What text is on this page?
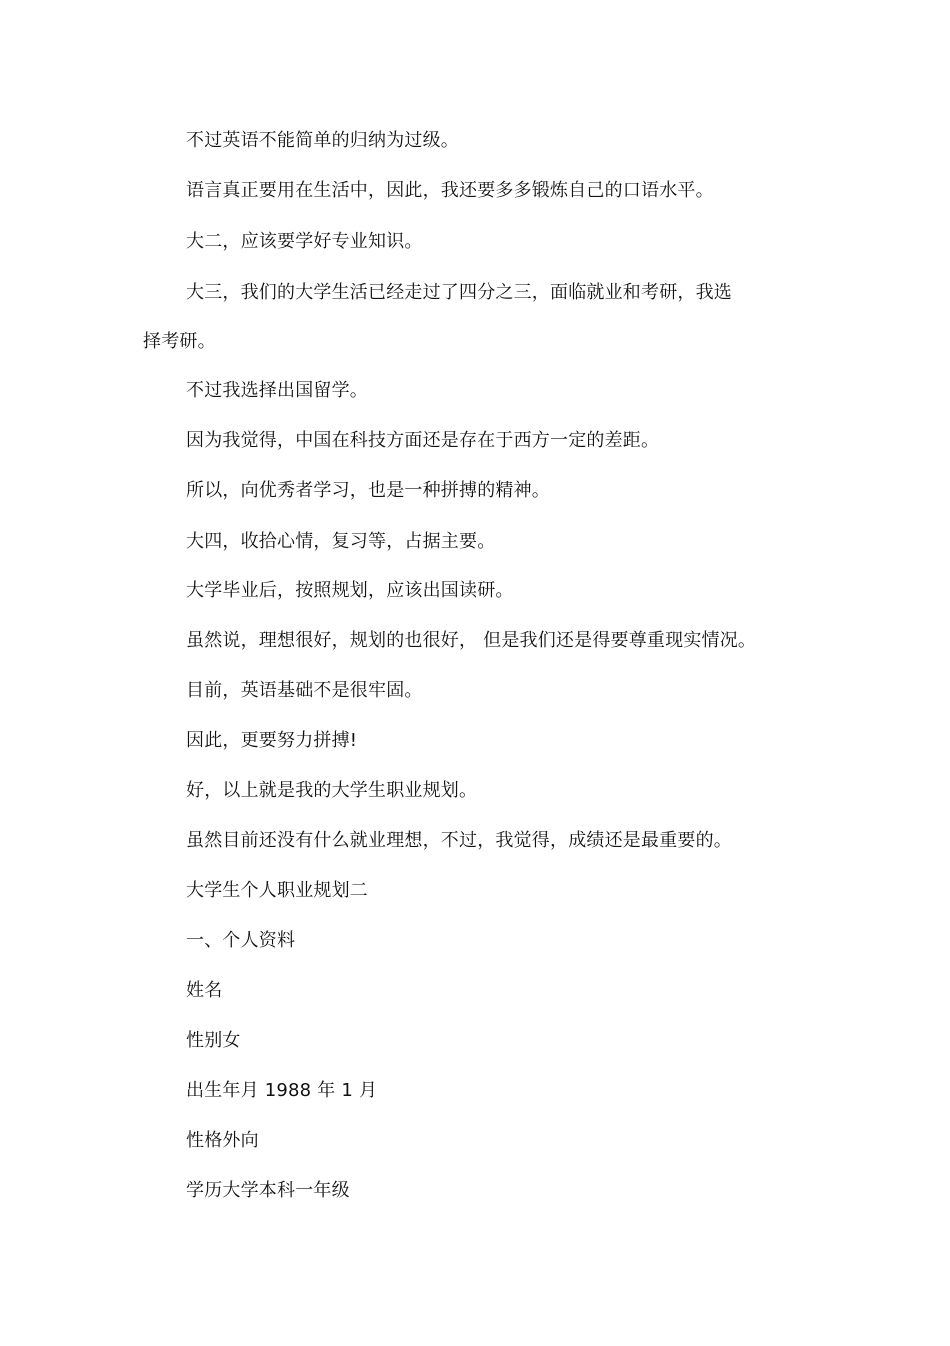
不过英语不能简单的归纳为过级。
语言真正要用在生活中，因此，我还要多多锻炼自己的口语水平。
大二，应该要学好专业知识。
大三，我们的大学生活已经走过了四分之三，面临就业和考研，我选
择考研。
不过我选择出国留学。
因为我觉得，中国在科技方面还是存在于西方一定的差距。
所以，向优秀者学习，也是一种拼搏的精神。
大四，收拾心情，复习等，占据主要。
大学毕业后，按照规划，应该出国读研。
虽然说，理想很好，规划的也很好， 但是我们还是得要尊重现实情况。
目前，英语基础不是很牢固。
因此，更要努力拼搏!
好，以上就是我的大学生职业规划。
虽然目前还没有什么就业理想，不过，我觉得，成绩还是最重要的。
大学生个人职业规划二
一、个人资料
姓名
性别女
出生年月 1988 年 1 月
性格外向
学历大学本科一年级
